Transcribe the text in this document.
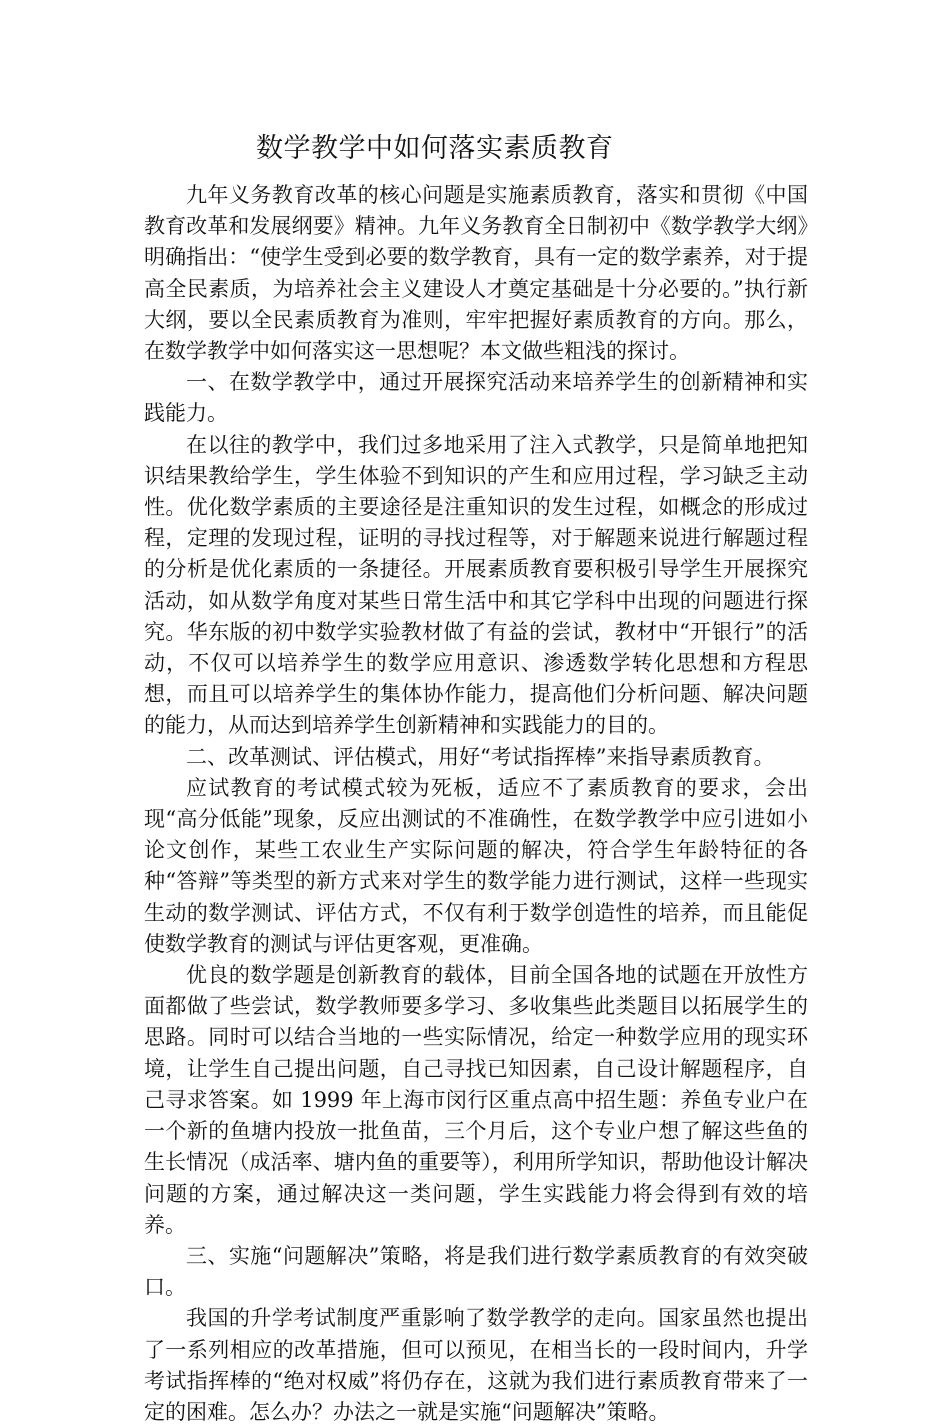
数学教学中如何落实素质教育

九年义务教育改革的核心问题是实施素质教育，落实和贯彻《中国教育改革和发展纲要》精神。九年义务教育全日制初中《数学教学大纲》明确指出：“使学生受到必要的数学教育，具有一定的数学素养，对于提高全民素质，为培养社会主义建设人才奠定基础是十分必要的。”执行新大纲，要以全民素质教育为准则，牢牢把握好素质教育的方向。那么，在数学教学中如何落实这一思想呢？本文做些粗浅的探讨。

一、在数学教学中，通过开展探究活动来培养学生的创新精神和实践能力。

在以往的教学中，我们过多地采用了注入式教学，只是简单地把知识结果教给学生，学生体验不到知识的产生和应用过程，学习缺乏主动性。优化数学素质的主要途径是注重知识的发生过程，如概念的形成过程，定理的发现过程，证明的寻找过程等，对于解题来说进行解题过程的分析是优化素质的一条捷径。开展素质教育要积极引导学生开展探究活动，如从数学角度对某些日常生活中和其它学科中出现的问题进行探究。华东版的初中数学实验教材做了有益的尝试，教材中“开银行”的活动，不仅可以培养学生的数学应用意识、渗透数学转化思想和方程思想，而且可以培养学生的集体协作能力，提高他们分析问题、解决问题的能力，从而达到培养学生创新精神和实践能力的目的。

二、改革测试、评估模式，用好“考试指挥棒”来指导素质教育。

应试教育的考试模式较为死板，适应不了素质教育的要求，会出现“高分低能”现象，反应出测试的不准确性，在数学教学中应引进如小论文创作，某些工农业生产实际问题的解决，符合学生年龄特征的各种“答辩”等类型的新方式来对学生的数学能力进行测试，这样一些现实生动的数学测试、评估方式，不仅有利于数学创造性的培养，而且能促使数学教育的测试与评估更客观，更准确。

优良的数学题是创新教育的载体，目前全国各地的试题在开放性方面都做了些尝试，数学教师要多学习、多收集些此类题目以拓展学生的思路。同时可以结合当地的一些实际情况，给定一种数学应用的现实环境，让学生自己提出问题，自己寻找已知因素，自己设计解题程序，自己寻求答案。如 1999 年上海市闵行区重点高中招生题：养鱼专业户在一个新的鱼塘内投放一批鱼苗，三个月后，这个专业户想了解这些鱼的生长情况（成活率、塘内鱼的重要等），利用所学知识，帮助他设计解决问题的方案，通过解决这一类问题，学生实践能力将会得到有效的培养。

三、实施“问题解决”策略，将是我们进行数学素质教育的有效突破口。

我国的升学考试制度严重影响了数学教学的走向。国家虽然也提出了一系列相应的改革措施，但可以预见，在相当长的一段时间内，升学考试指挥棒的“绝对权威”将仍存在，这就为我们进行素质教育带来了一定的困难。怎么办？办法之一就是实施“问题解决”策略。
